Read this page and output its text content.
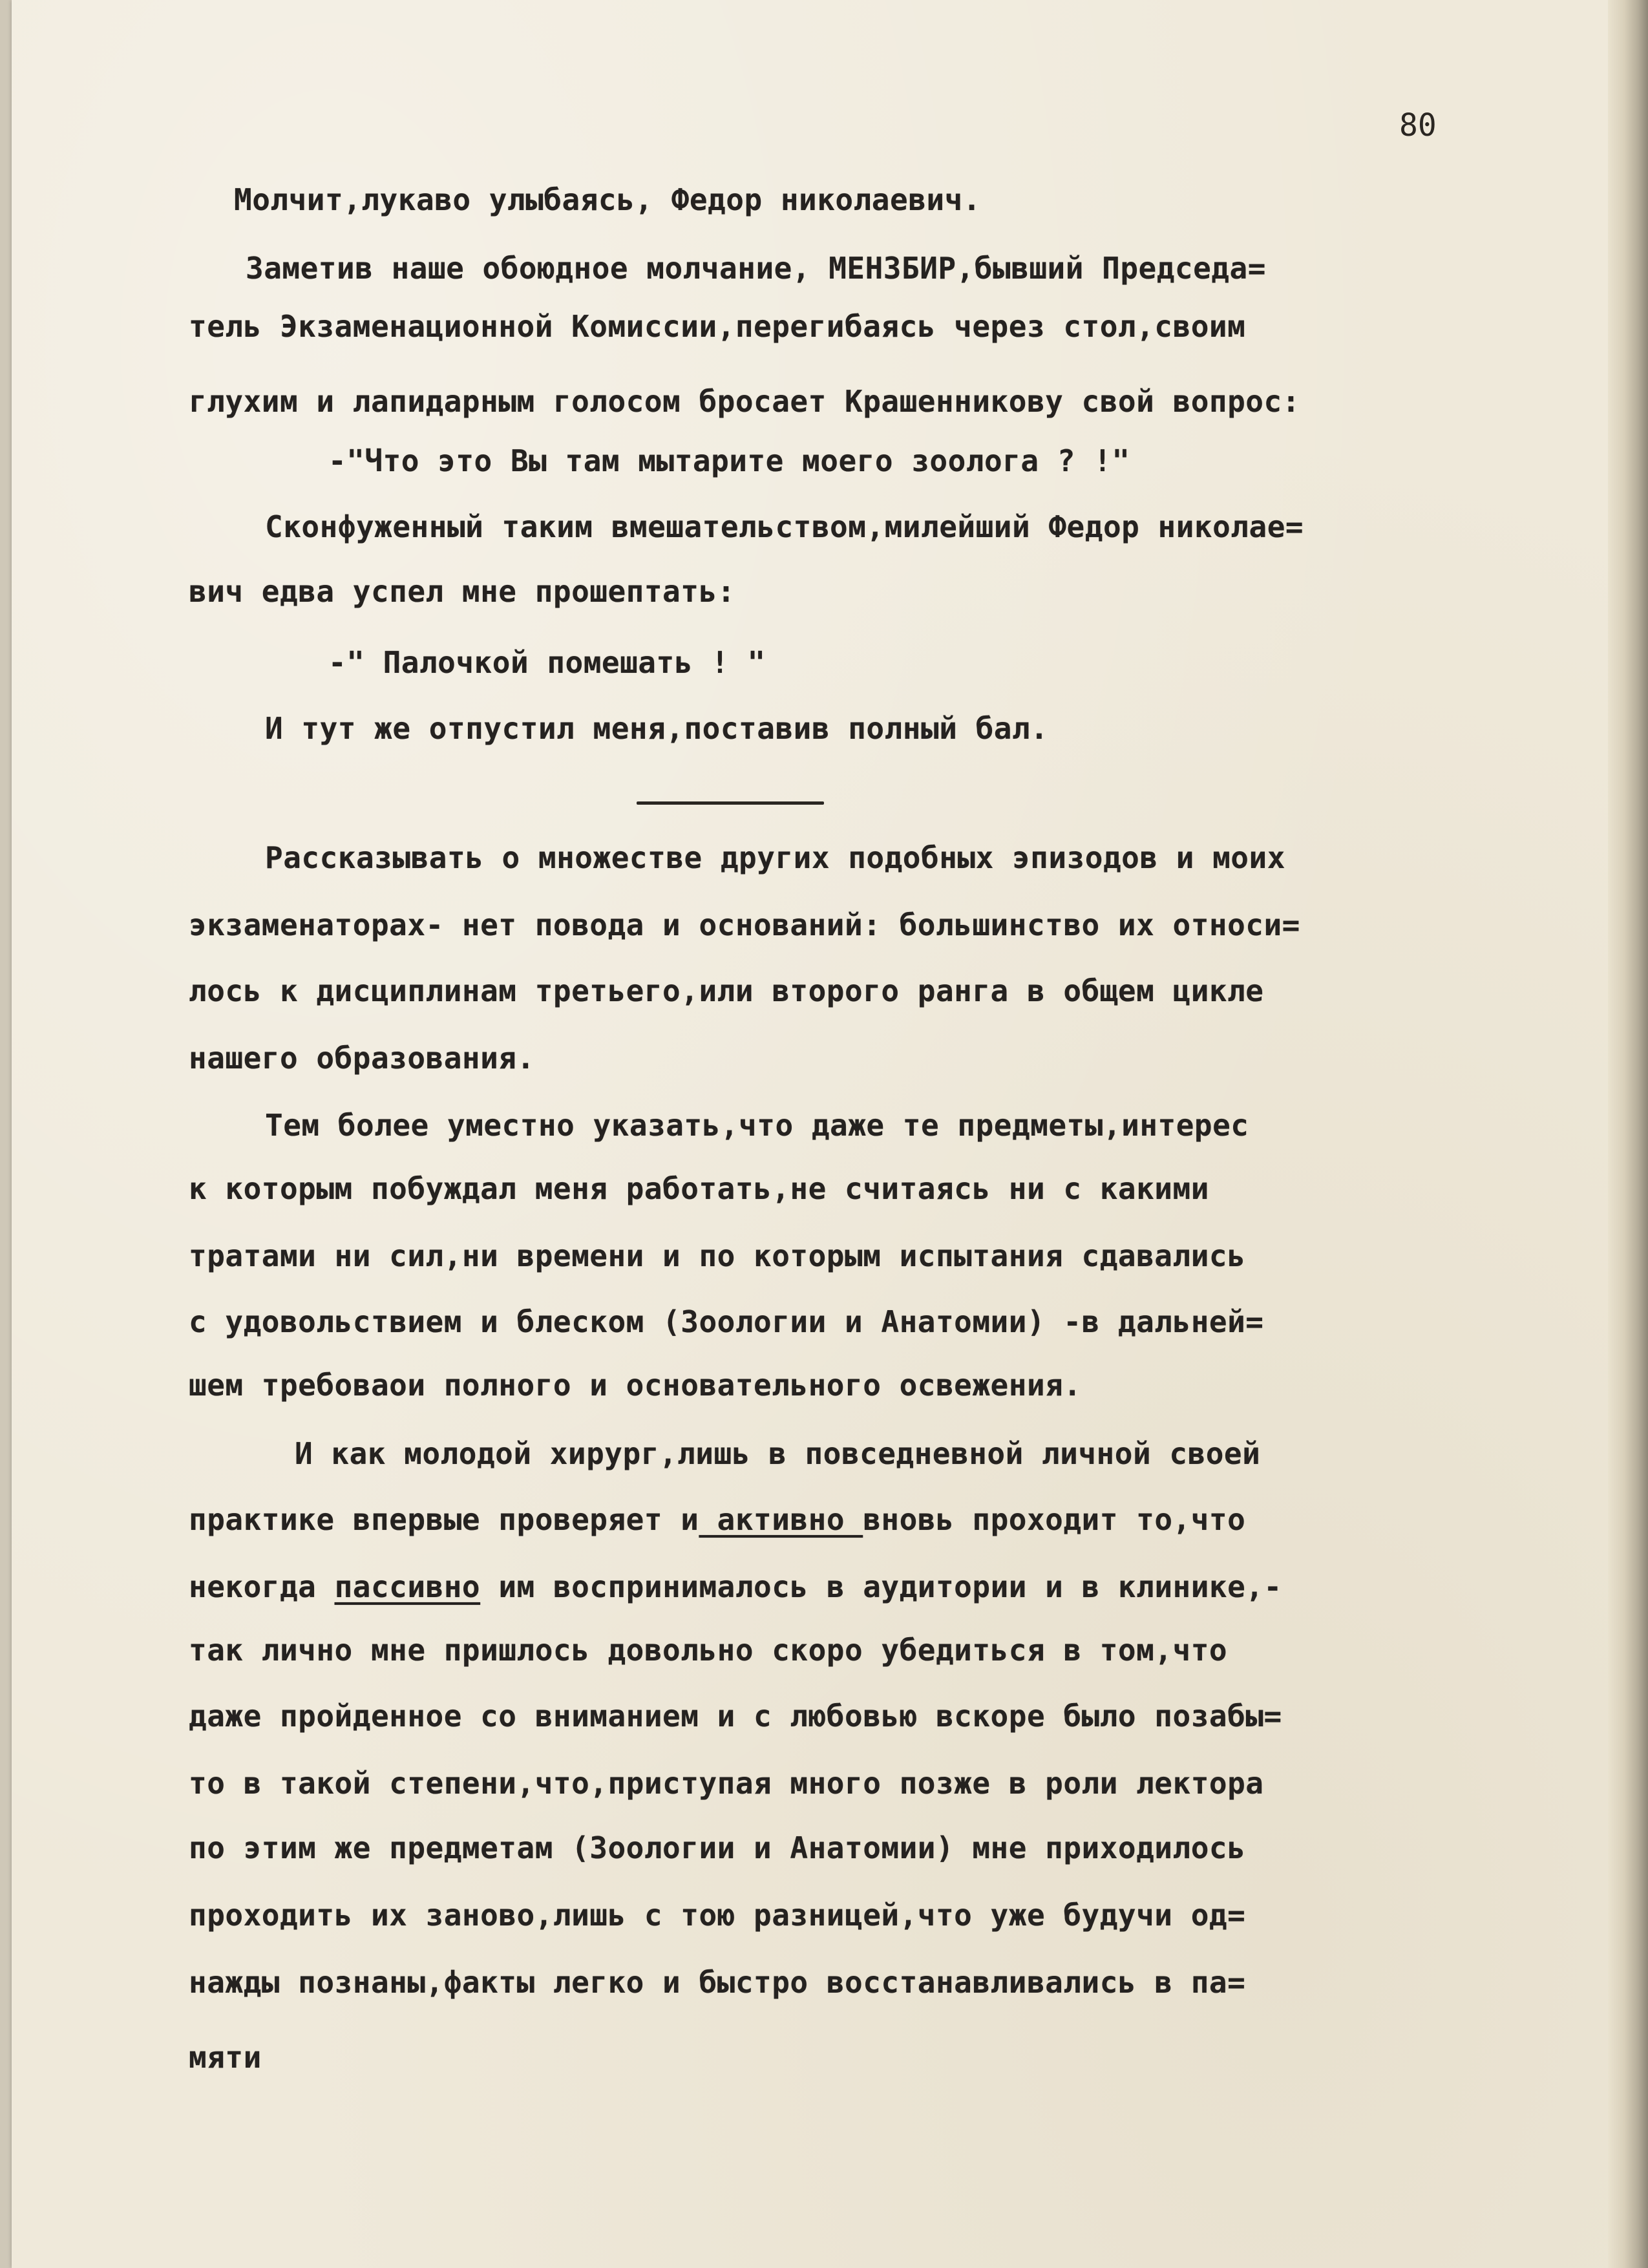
80
Молчит,лукаво улыбаясь, Федор николаевич.
Заметив наше обоюдное молчание, МЕНЗБИР,бывший Председа=
тель Экзаменационной Комиссии,перегибаясь через стол,своим
глухим и лапидарным голосом бросает Крашенникову свой вопрос:
-"Что это Вы там мытарите моего зоолога ? !"
Сконфуженный таким вмешательством,милейший Федор николае=
вич едва успел мне прошептать:
-" Палочкой помешать ! "
И тут же отпустил меня,поставив полный бал.
Рассказывать о множестве других подобных эпизодов и моих
экзаменаторах- нет повода и оснований: большинство их относи=
лось к дисциплинам третьего,или второго ранга в общем цикле
нашего образования.
Тем более уместно указать,что даже те предметы,интерес
к которым побуждал меня работать,не считаясь ни с какими
тратами ни сил,ни времени и по которым испытания сдавались
с удовольствием и блеском (Зоологии и Анатомии) -в дальней=
шем требоваои полного и основательного освежения.
И как молодой хирург,лишь в повседневной личной своей
практике впервые проверяет и активно вновь проходит то,что
некогда пассивно им воспринималось в аудитории и в клинике,-
так лично мне пришлось довольно скоро убедиться в том,что
даже пройденное со вниманием и с любовью вскоре было позабы=
то в такой степени,что,приступая много позже в роли лектора
по этим же предметам (Зоологии и Анатомии) мне приходилось
проходить их заново,лишь с тою разницей,что уже будучи од=
нажды познаны,факты легко и быстро восстанавливались в па=
мяти
